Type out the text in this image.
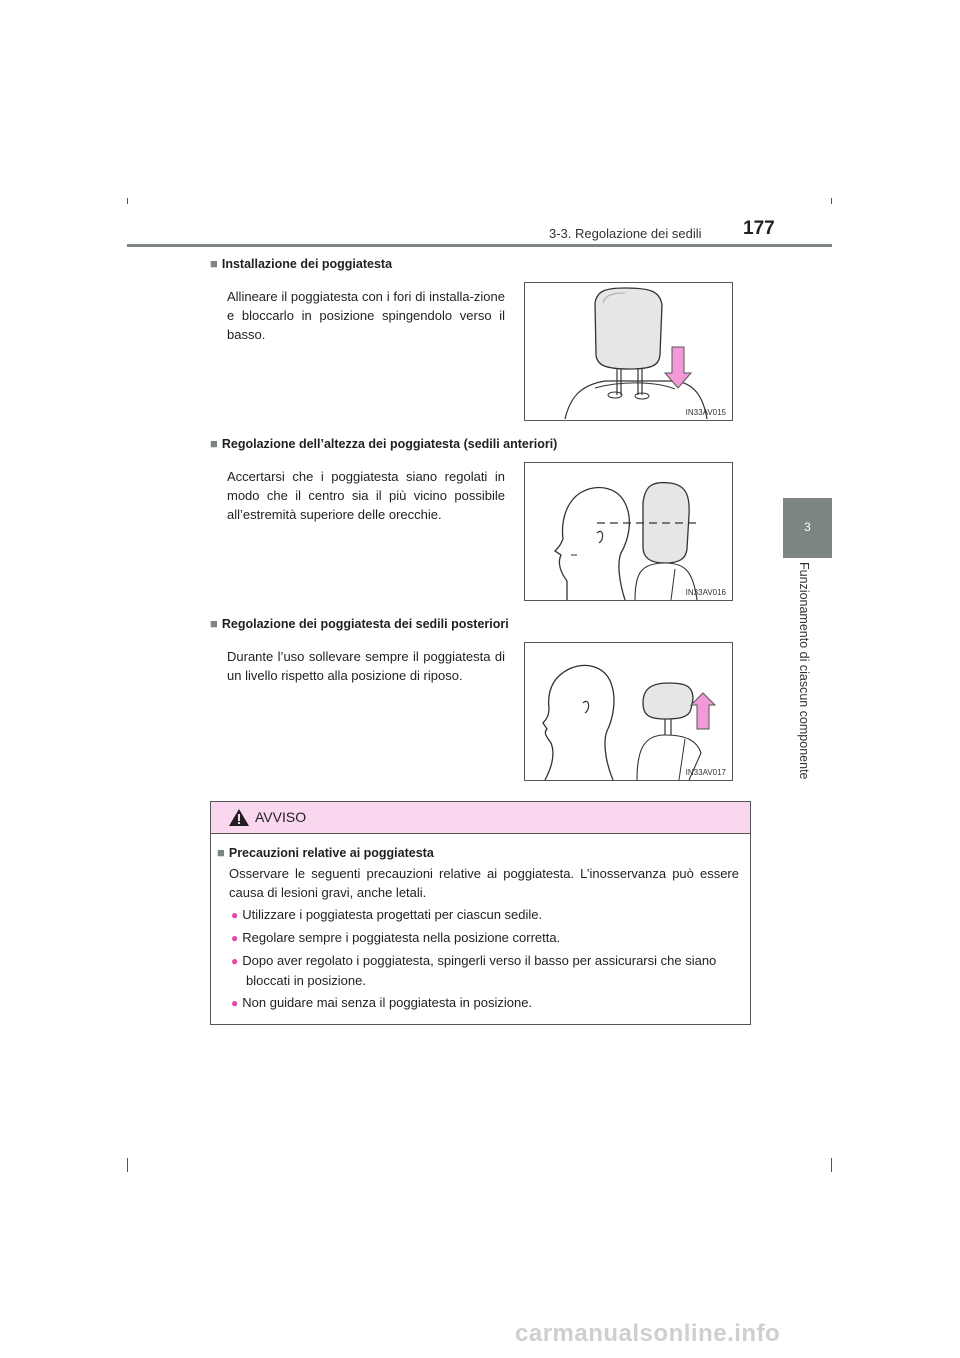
3-3. Regolazione dei sedili 177
3
Funzionamento di ciascun componente
■ Installazione dei poggiatesta
Allineare il poggiatesta con i fori di installa-zione e bloccarlo in posizione spingendolo verso il basso.
IN33AV015
■ Regolazione dell’altezza dei poggiatesta (sedili anteriori)
Accertarsi che i poggiatesta siano regolati in modo che il centro sia il più vicino possibile all’estremità superiore delle orecchie.
IN33AV016
■ Regolazione dei poggiatesta dei sedili posteriori
Durante l’uso sollevare sempre il poggiatesta di un livello rispetto alla posizione di riposo.
IN33AV017
AVVISO
■ Precauzioni relative ai poggiatesta
Osservare le seguenti precauzioni relative ai poggiatesta. L’inosservanza può essere causa di lesioni gravi, anche letali.
● Utilizzare i poggiatesta progettati per ciascun sedile.
● Regolare sempre i poggiatesta nella posizione corretta.
● Dopo aver regolato i poggiatesta, spingerli verso il basso per assicurarsi che siano bloccati in posizione.
● Non guidare mai senza il poggiatesta in posizione.
carmanualsonline.info
